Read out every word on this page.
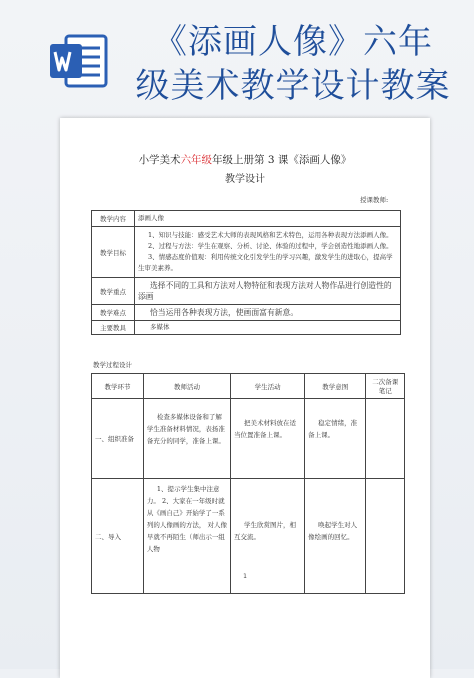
《添画人像》六年
级美术教学设计教案
小学美术六年级年级上册第 3 课《添画人像》
教学设计
授课教师:
教学内容	添画人像
教学目标	1、知识与技能：感受艺术大师的表现风格和艺术特色，运用各种表现方法添画人像。
2、过程与方法：学生在观察、分析、讨论、体验的过程中，学会创造性地添画人像。
3、情感态度价值观：利用传统文化引发学生的学习兴趣，激发学生的进取心，提高学生审美素养。

教学重点	选择不同的工具和方法对人物特征和表现方法对人物作品进行创造性的添画
教学难点	恰当运用各种表现方法，使画面富有新意。
主要教具	多媒体
教学过程设计
教学环节	教师活动	学生活动	教学意图	二次备课笔记
一、组织准备	检查多媒体设备和了解学生准备材料情况，表扬准备充分的同学，准备上课。	把美术材料放在适当位置准备上课。	稳定情绪，准备上课。	
二、导入	1、提示学生集中注意力。 2、大家在一年级时就从《画自己》开始学了一系列的人像画的方法， 对人像早就不再陌生（师出示一组人物	学生欣赏图片，相互交流。	唤起学生对人像绘画的回忆。	
1
